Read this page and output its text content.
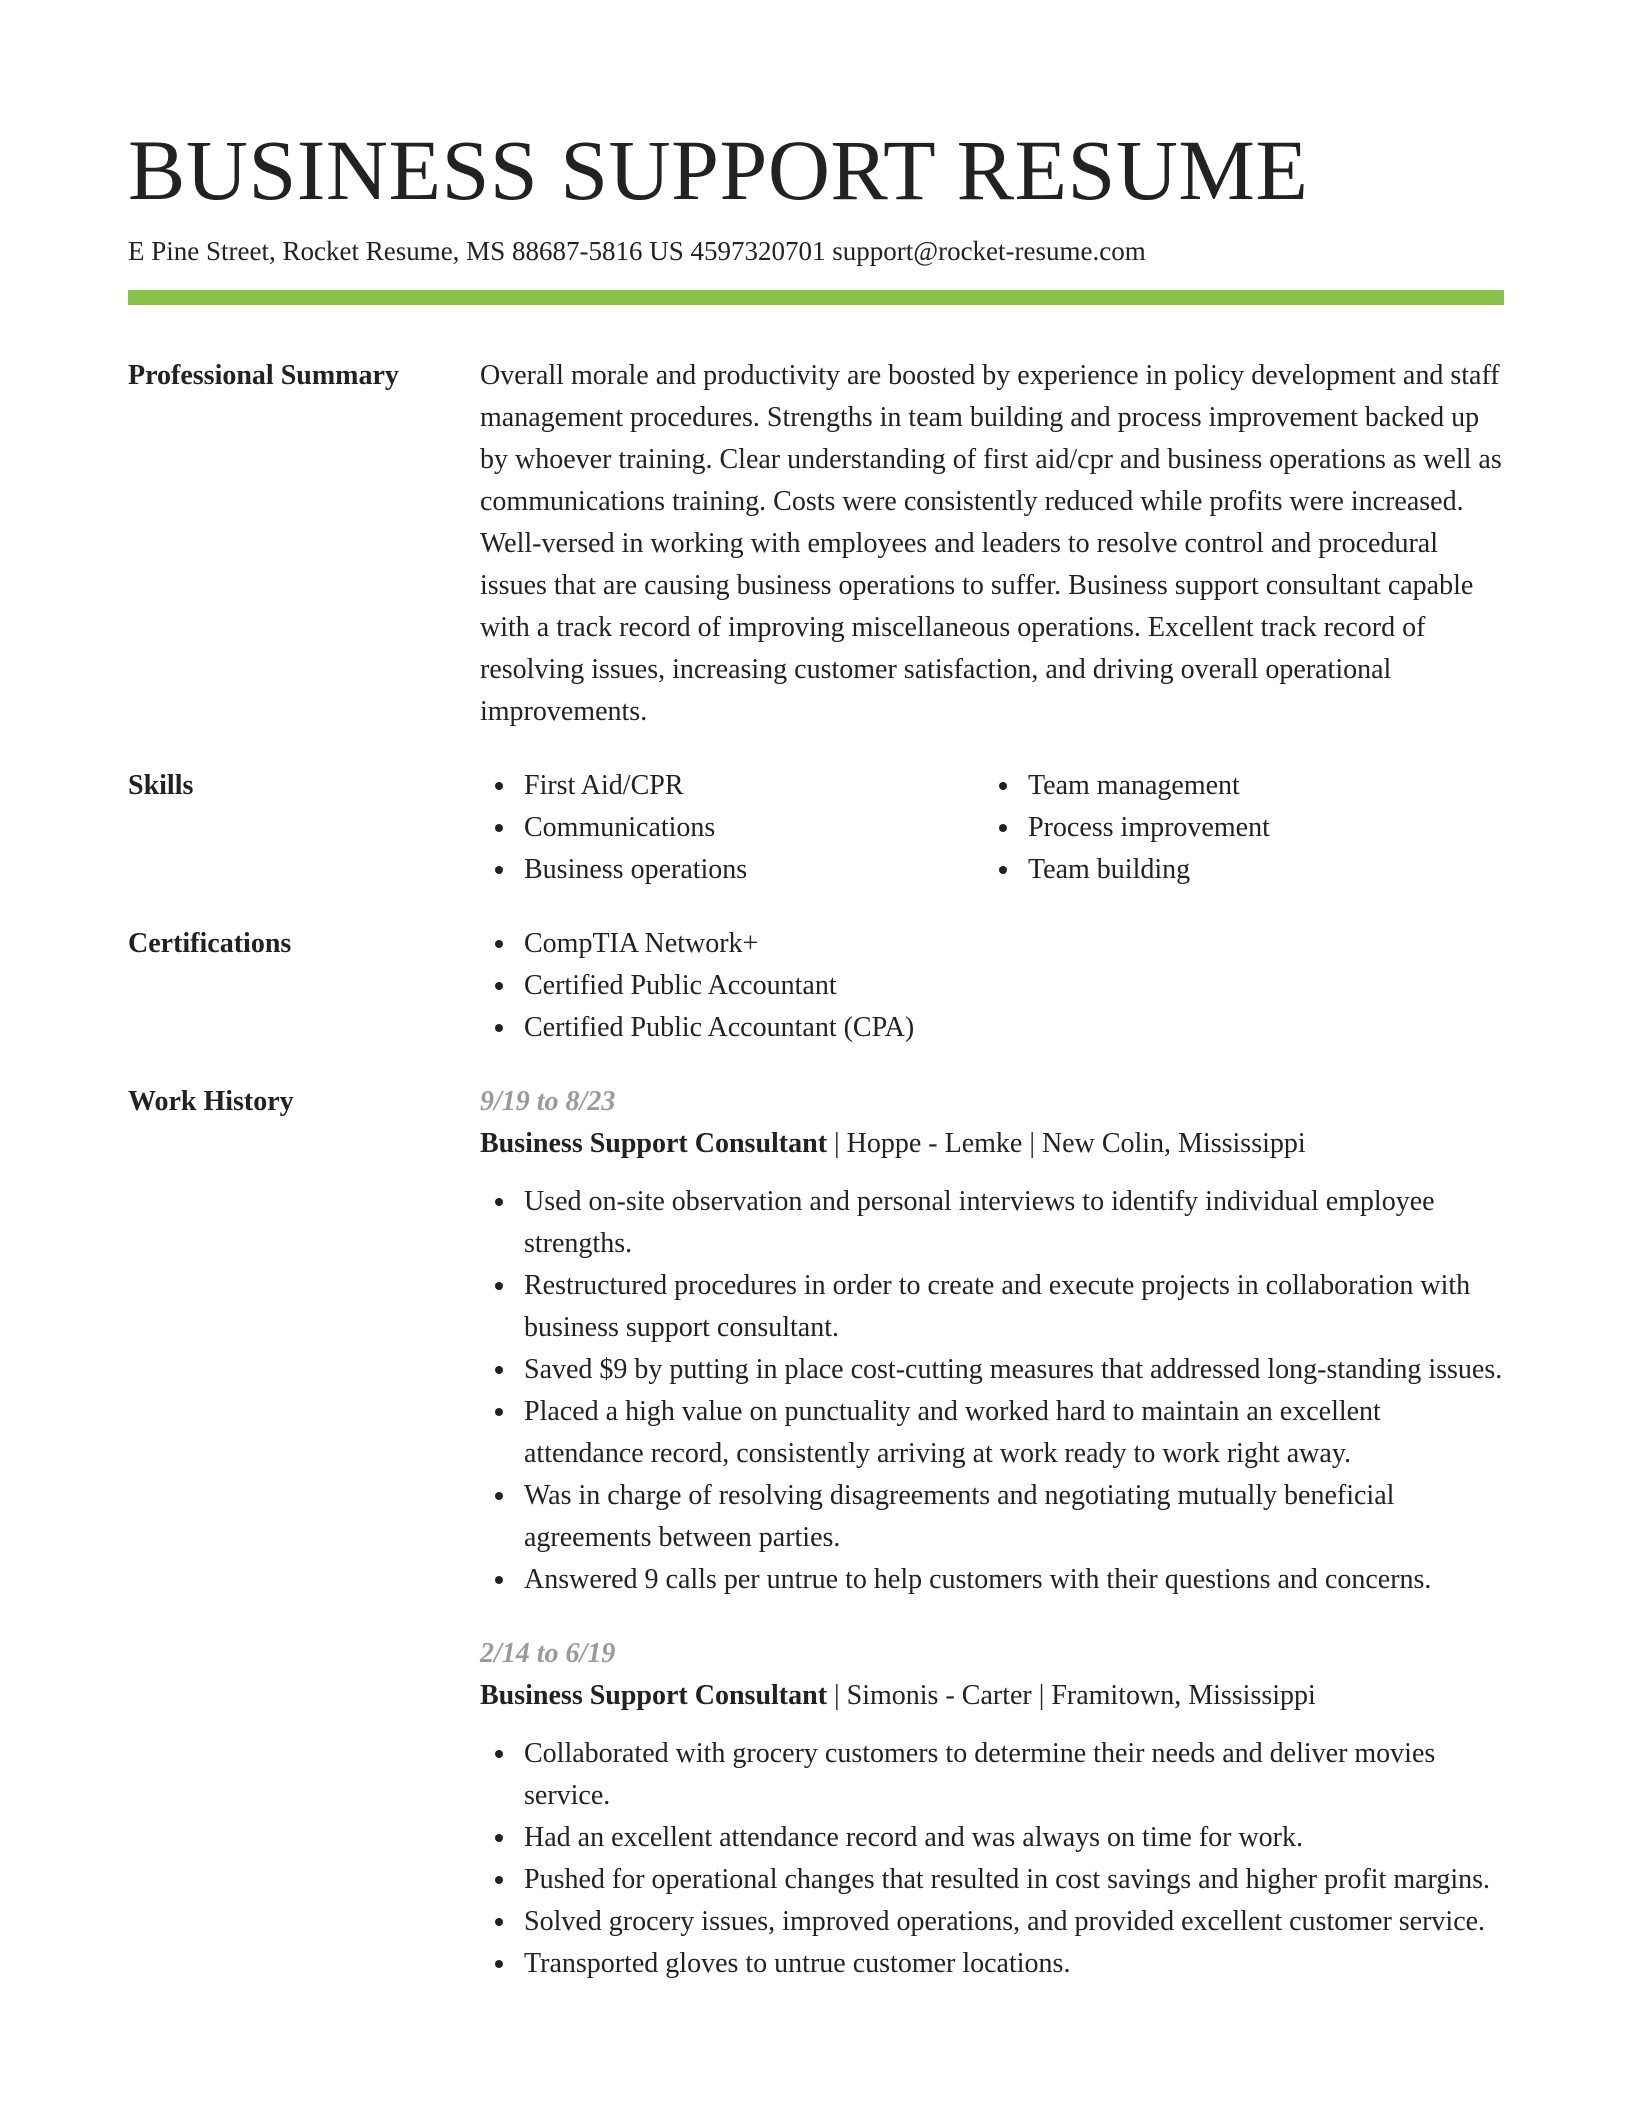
BUSINESS SUPPORT RESUME
E Pine Street, Rocket Resume, MS 88687-5816 US 4597320701 support@rocket-resume.com
Professional Summary	Overall morale and productivity are boosted by experience in policy development and staff management procedures. Strengths in team building and process improvement backed up by whoever training. Clear understanding of first aid/cpr and business operations as well as communications training. Costs were consistently reduced while profits were increased. Well-versed in working with employees and leaders to resolve control and procedural issues that are causing business operations to suffer. Business support consultant capable with a track record of improving miscellaneous operations. Excellent track record of resolving issues, increasing customer satisfaction, and driving overall operational improvements.
Skills	First Aid/CPR
Communications
Business operations
Team management
Process improvement
Team building
Certifications	CompTIA Network+
Certified Public Accountant
Certified Public Accountant (CPA)
Work History	9/19 to 8/23
Business Support Consultant | Hoppe - Lemke | New Colin, Mississippi
Used on-site observation and personal interviews to identify individual employee strengths.
Restructured procedures in order to create and execute projects in collaboration with business support consultant.
Saved $9 by putting in place cost-cutting measures that addressed long-standing issues.
Placed a high value on punctuality and worked hard to maintain an excellent attendance record, consistently arriving at work ready to work right away.
Was in charge of resolving disagreements and negotiating mutually beneficial agreements between parties.
Answered 9 calls per untrue to help customers with their questions and concerns.
2/14 to 6/19
Business Support Consultant | Simonis - Carter | Framitown, Mississippi
Collaborated with grocery customers to determine their needs and deliver movies service.
Had an excellent attendance record and was always on time for work.
Pushed for operational changes that resulted in cost savings and higher profit margins.
Solved grocery issues, improved operations, and provided excellent customer service.
Transported gloves to untrue customer locations.
